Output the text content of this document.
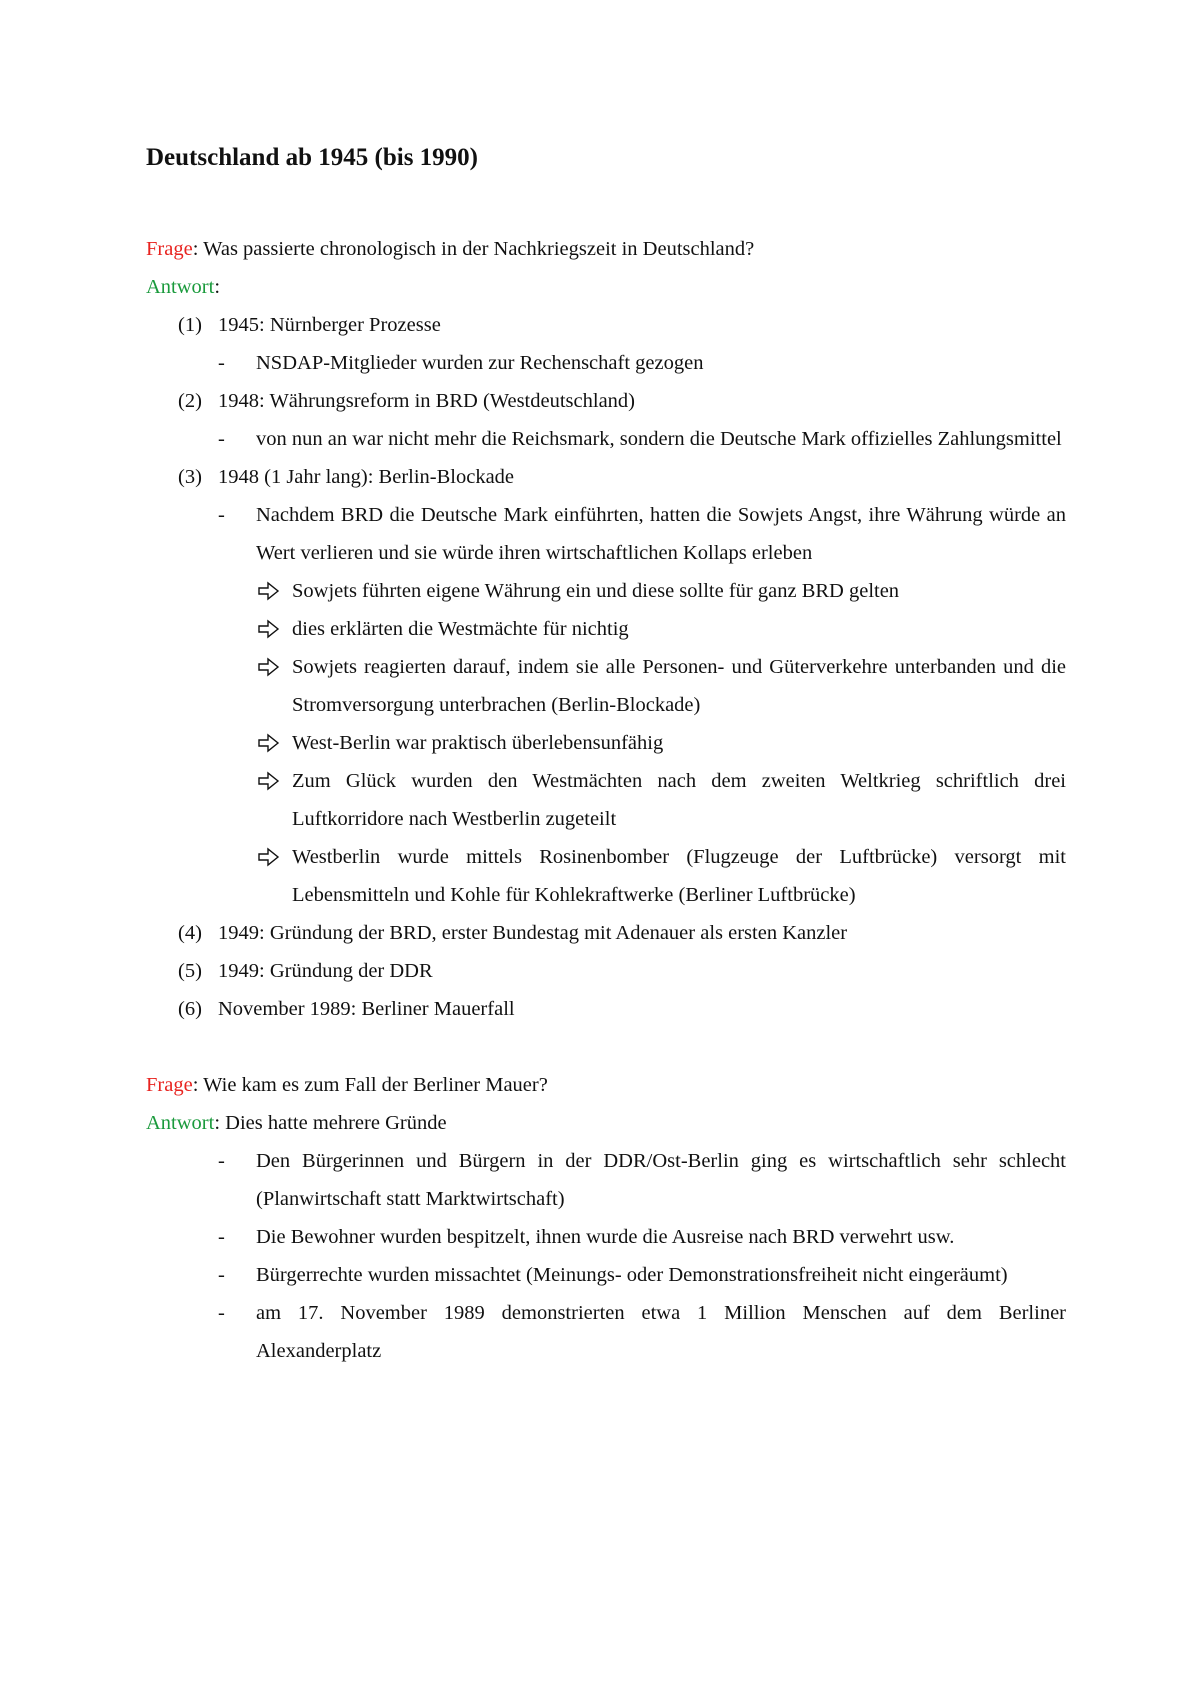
Deutschland ab 1945 (bis 1990)

Frage: Was passierte chronologisch in der Nachkriegszeit in Deutschland?

Antwort:

(1) 1945: Nürnberger Prozesse

- NSDAP-Mitglieder wurden zur Rechenschaft gezogen

(2) 1948: Währungsreform in BRD (Westdeutschland)

- von nun an war nicht mehr die Reichsmark, sondern die Deutsche Mark offizielles Zahlungsmittel

(3) 1948 (1 Jahr lang): Berlin-Blockade

- Nachdem BRD die Deutsche Mark einführten, hatten die Sowjets Angst, ihre Währung würde an Wert verlieren und sie würde ihren wirtschaftlichen Kollaps erleben

Sowjets führten eigene Währung ein und diese sollte für ganz BRD gelten

dies erklärten die Westmächte für nichtig

Sowjets reagierten darauf, indem sie alle Personen- und Güterverkehre unterbanden und die Stromversorgung unterbrachen (Berlin-Blockade)

West-Berlin war praktisch überlebensunfähig

Zum Glück wurden den Westmächten nach dem zweiten Weltkrieg schriftlich drei Luftkorridore nach Westberlin zugeteilt

Westberlin wurde mittels Rosinenbomber (Flugzeuge der Luftbrücke) versorgt mit Lebensmitteln und Kohle für Kohlekraftwerke (Berliner Luftbrücke)

(4) 1949: Gründung der BRD, erster Bundestag mit Adenauer als ersten Kanzler

(5) 1949: Gründung der DDR

(6) November 1989: Berliner Mauerfall

Frage: Wie kam es zum Fall der Berliner Mauer?

Antwort: Dies hatte mehrere Gründe

- Den Bürgerinnen und Bürgern in der DDR/Ost-Berlin ging es wirtschaftlich sehr schlecht (Planwirtschaft statt Marktwirtschaft)

- Die Bewohner wurden bespitzelt, ihnen wurde die Ausreise nach BRD verwehrt usw.

- Bürgerrechte wurden missachtet (Meinungs- oder Demonstrationsfreiheit nicht eingeräumt)

- am 17. November 1989 demonstrierten etwa 1 Million Menschen auf dem Berliner Alexanderplatz
